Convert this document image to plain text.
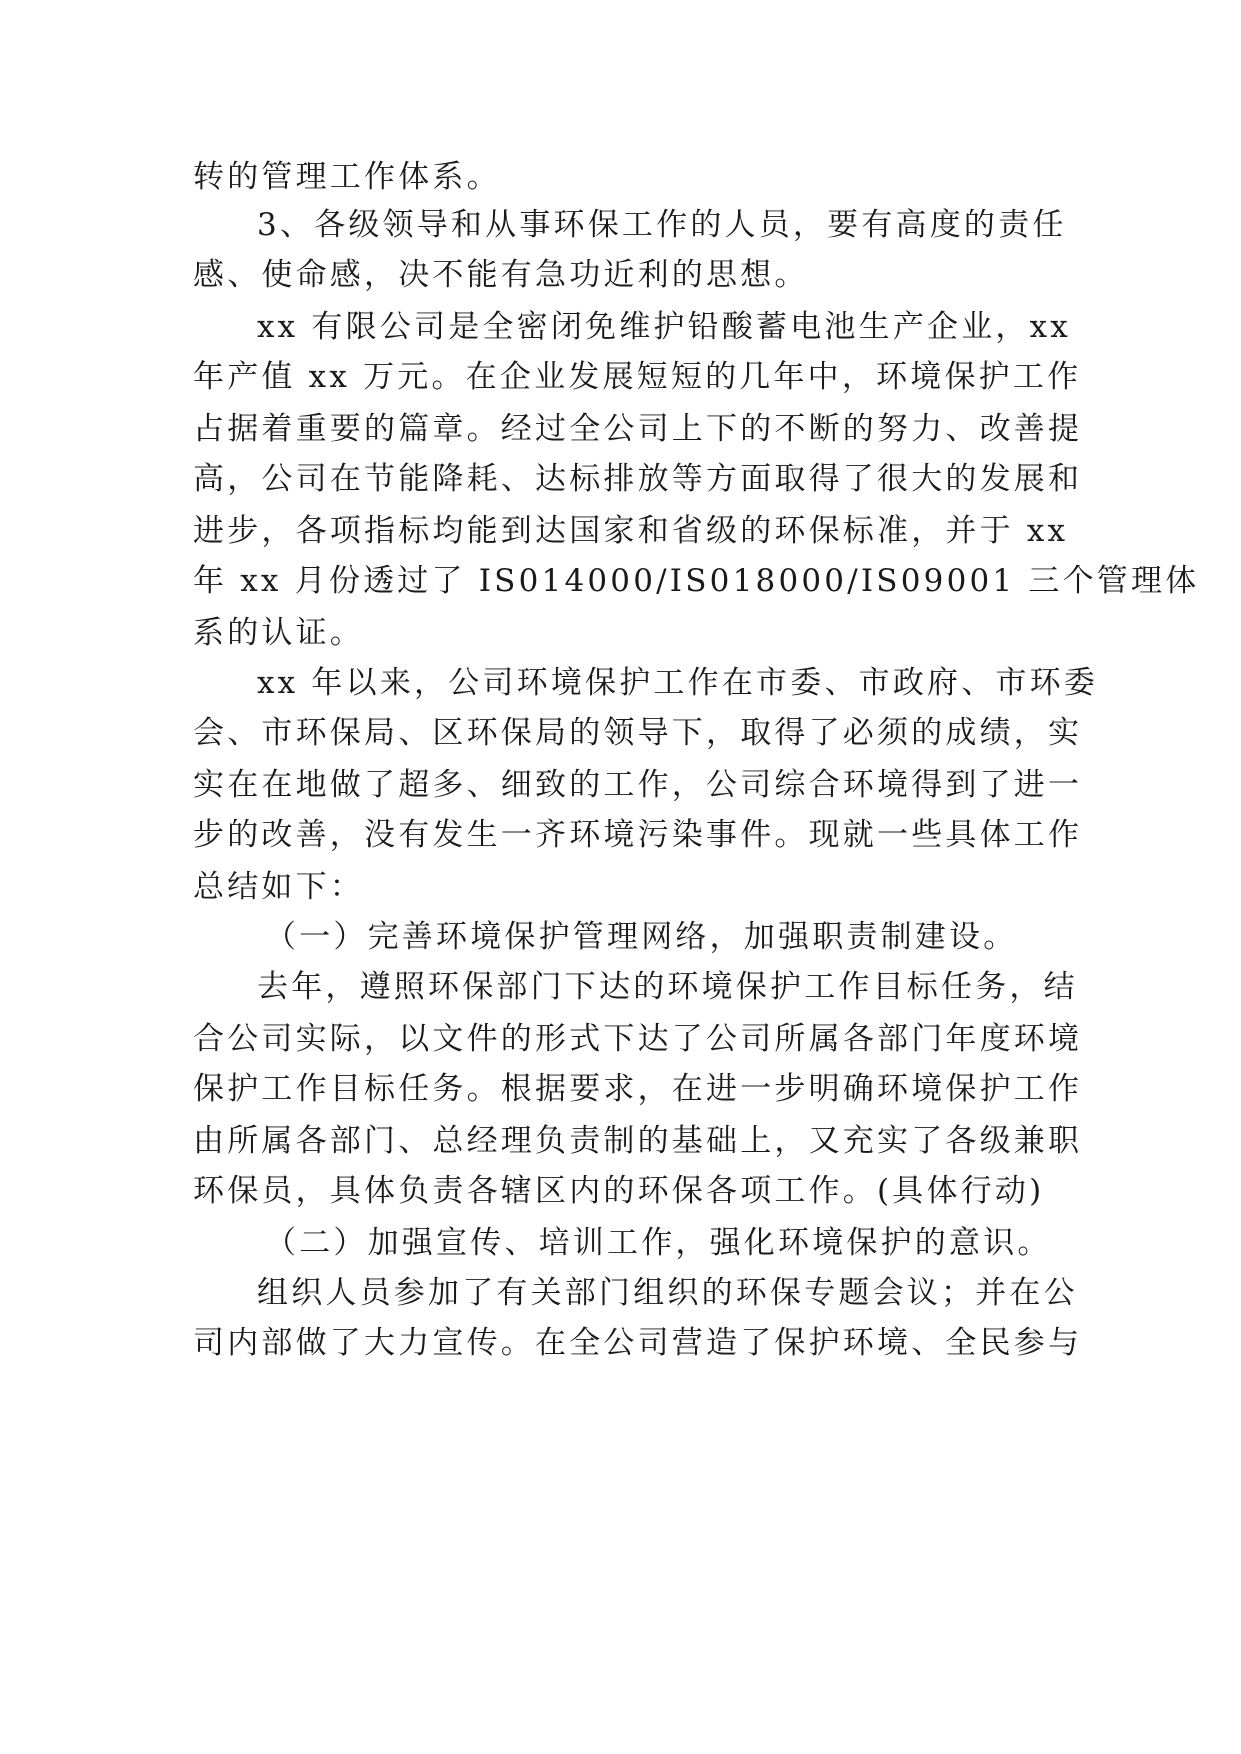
转的管理工作体系。
3、各级领导和从事环保工作的人员，要有高度的责任
感、使命感，决不能有急功近利的思想。
xx 有限公司是全密闭免维护铅酸蓄电池生产企业，xx
年产值 xx 万元。在企业发展短短的几年中，环境保护工作
占据着重要的篇章。经过全公司上下的不断的努力、改善提
高，公司在节能降耗、达标排放等方面取得了很大的发展和
进步，各项指标均能到达国家和省级的环保标准，并于 xx
年 xx 月份透过了 IS014000/IS018000/IS09001 三个管理体
系的认证。
xx 年以来，公司环境保护工作在市委、市政府、市环委
会、市环保局、区环保局的领导下，取得了必须的成绩，实
实在在地做了超多、细致的工作，公司综合环境得到了进一
步的改善，没有发生一齐环境污染事件。现就一些具体工作
总结如下：
（一）完善环境保护管理网络，加强职责制建设。
去年，遵照环保部门下达的环境保护工作目标任务，结
合公司实际，以文件的形式下达了公司所属各部门年度环境
保护工作目标任务。根据要求，在进一步明确环境保护工作
由所属各部门、总经理负责制的基础上，又充实了各级兼职
环保员，具体负责各辖区内的环保各项工作。(具体行动)
（二）加强宣传、培训工作，强化环境保护的意识。
组织人员参加了有关部门组织的环保专题会议；并在公
司内部做了大力宣传。在全公司营造了保护环境、全民参与
